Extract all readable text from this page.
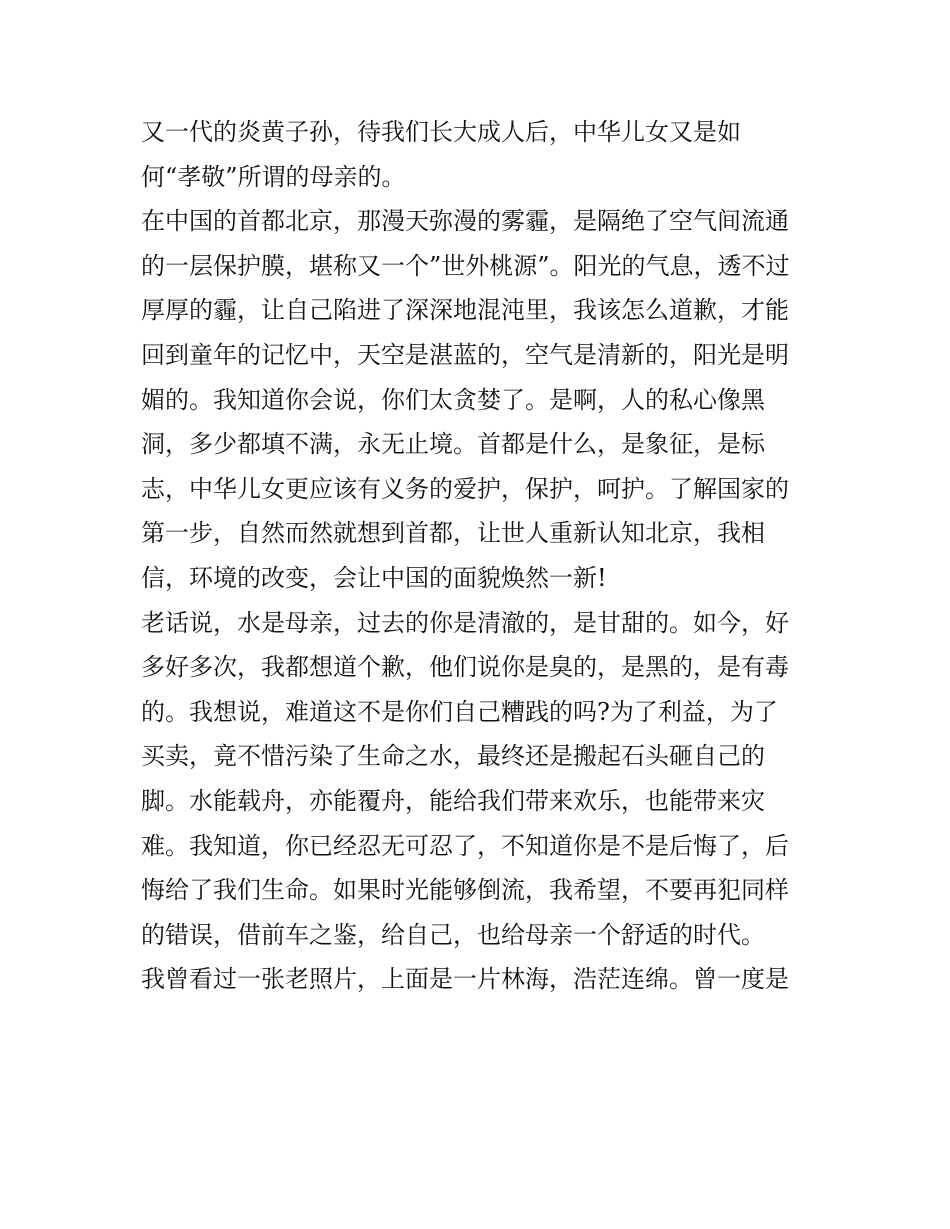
又一代的炎黄子孙，待我们长大成人后，中华儿女又是如
何“孝敬”所谓的母亲的。
在中国的首都北京，那漫天弥漫的雾霾，是隔绝了空气间流通
的一层保护膜，堪称又一个”世外桃源”。阳光的气息，透不过
厚厚的霾，让自己陷进了深深地混沌里，我该怎么道歉，才能
回到童年的记忆中，天空是湛蓝的，空气是清新的，阳光是明
媚的。我知道你会说，你们太贪婪了。是啊，人的私心像黑
洞，多少都填不满，永无止境。首都是什么，是象征，是标
志，中华儿女更应该有义务的爱护，保护，呵护。了解国家的
第一步，自然而然就想到首都，让世人重新认知北京，我相
信，环境的改变，会让中国的面貌焕然一新!
老话说，水是母亲，过去的你是清澈的，是甘甜的。如今，好
多好多次，我都想道个歉，他们说你是臭的，是黑的，是有毒
的。我想说，难道这不是你们自己糟践的吗?为了利益，为了
买卖，竟不惜污染了生命之水，最终还是搬起石头砸自己的
脚。水能载舟，亦能覆舟，能给我们带来欢乐，也能带来灾
难。我知道，你已经忍无可忍了，不知道你是不是后悔了，后
悔给了我们生命。如果时光能够倒流，我希望，不要再犯同样
的错误，借前车之鉴，给自己，也给母亲一个舒适的时代。
我曾看过一张老照片，上面是一片林海，浩茫连绵。曾一度是
